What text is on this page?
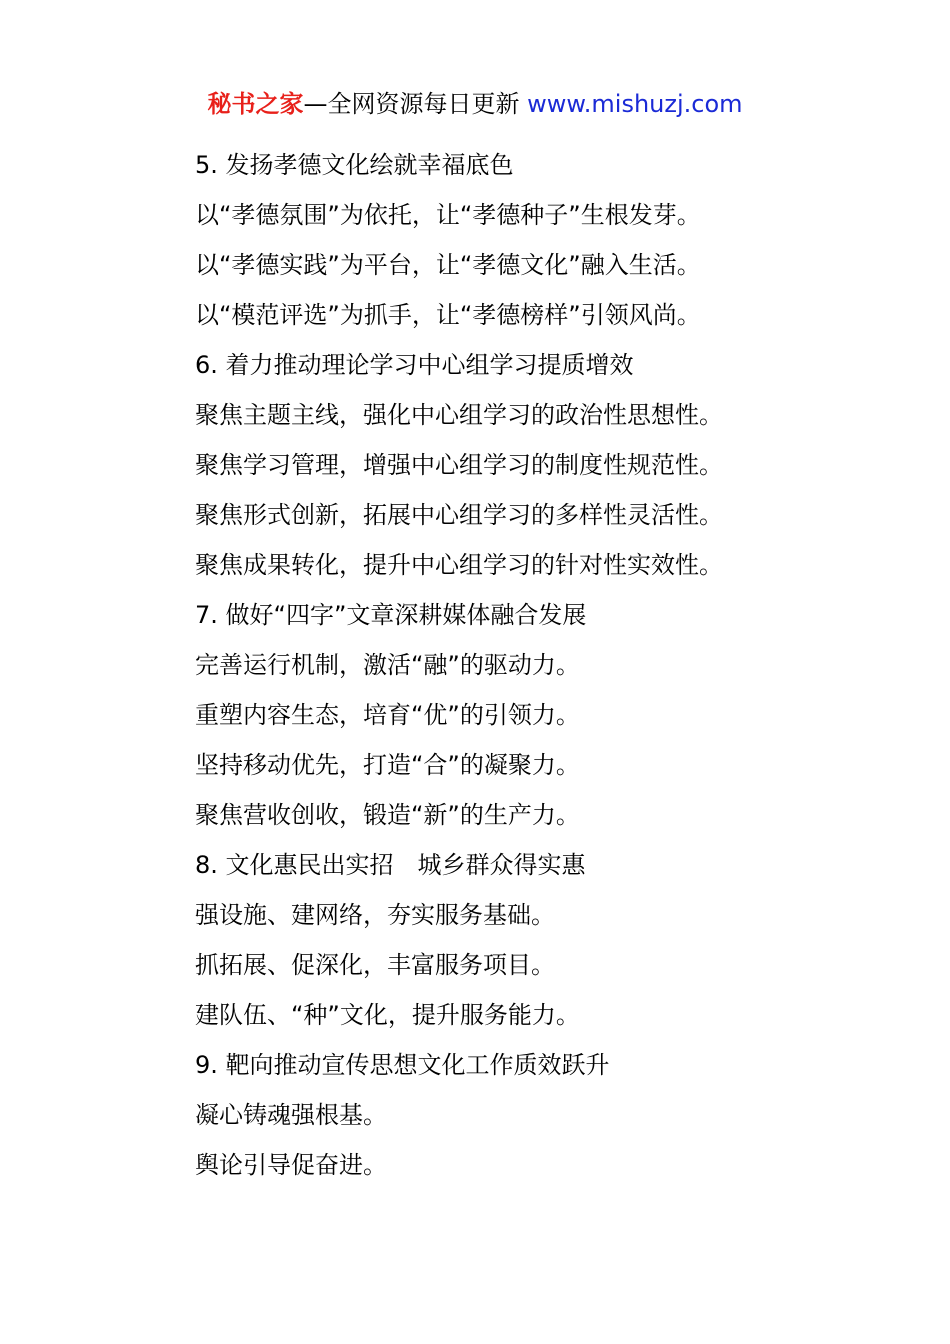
秘书之家—全网资源每日更新 www.mishuzj.com
5. 发扬孝德文化绘就幸福底色
以“孝德氛围”为依托，让“孝德种子”生根发芽。
以“孝德实践”为平台，让“孝德文化”融入生活。
以“模范评选”为抓手，让“孝德榜样”引领风尚。
6. 着力推动理论学习中心组学习提质增效
聚焦主题主线，强化中心组学习的政治性思想性。
聚焦学习管理，增强中心组学习的制度性规范性。
聚焦形式创新，拓展中心组学习的多样性灵活性。
聚焦成果转化，提升中心组学习的针对性实效性。
7. 做好“四字”文章深耕媒体融合发展
完善运行机制，激活“融”的驱动力。
重塑内容生态，培育“优”的引领力。
坚持移动优先，打造“合”的凝聚力。
聚焦营收创收，锻造“新”的生产力。
8. 文化惠民出实招　城乡群众得实惠
强设施、建网络，夯实服务基础。
抓拓展、促深化，丰富服务项目。
建队伍、“种”文化，提升服务能力。
9. 靶向推动宣传思想文化工作质效跃升
凝心铸魂强根基。
舆论引导促奋进。
